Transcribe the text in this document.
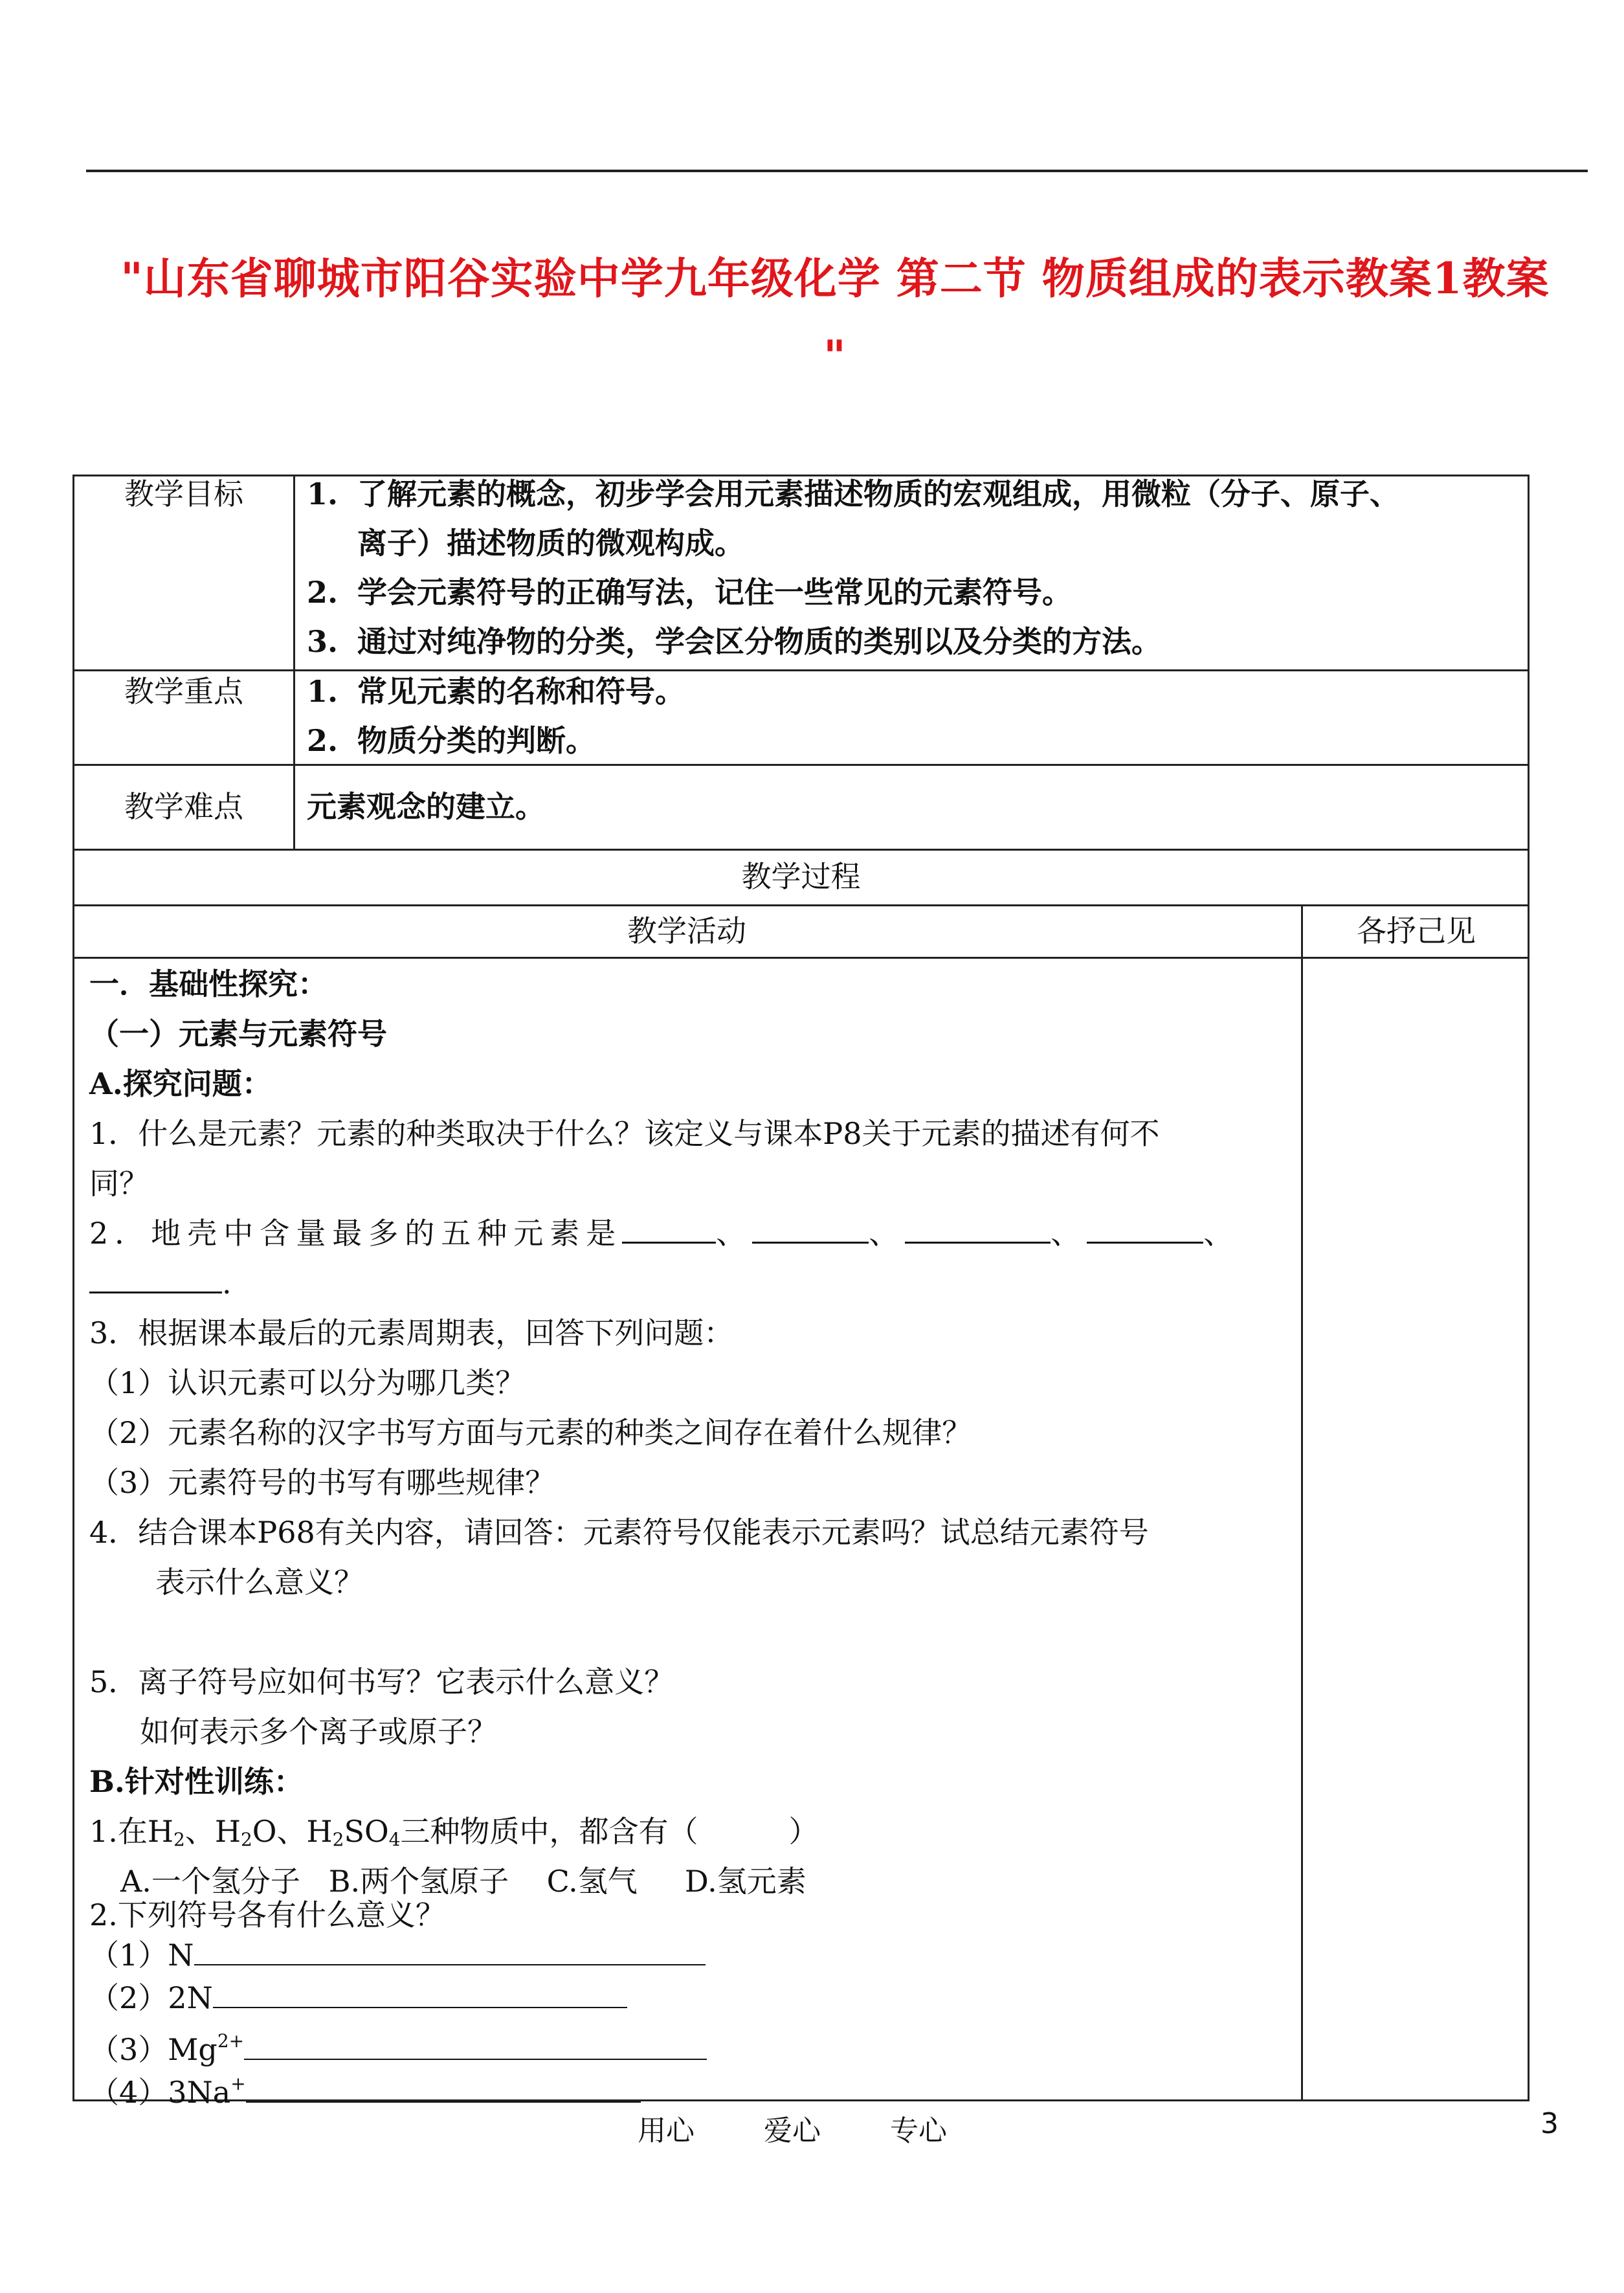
"山东省聊城市阳谷实验中学九年级化学 第二节 物质组成的表示教案1教案
"
教学目标	1. 了解元素的概念，初步学会用元素描述物质的宏观组成，用微粒（分子、原子、
离子）描述物质的微观构成。
2. 学会元素符号的正确写法，记住一些常见的元素符号。
3. 通过对纯净物的分类，学会区分物质的类别以及分类的方法。
教学重点	1. 常见元素的名称和符号。
2. 物质分类的判断。
教学难点	元素观念的建立。
教学过程
教学活动	各抒己见
一．基础性探究：
（一）元素与元素符号
A.探究问题：
1．什么是元素？元素的种类取决于什么？该定义与课本P8关于元素的描述有何不
同？
2．地壳中含量最多的五种元素是	、	、	、	、
.
3．根据课本最后的元素周期表，回答下列问题：
（1）认识元素可以分为哪几类？
（2）元素名称的汉字书写方面与元素的种类之间存在着什么规律？
（3）元素符号的书写有哪些规律？
4．结合课本P68有关内容，请回答：元素符号仅能表示元素吗？试总结元素符号
表示什么意义？
5．离子符号应如何书写？它表示什么意义？
如何表示多个离子或原子？
B.针对性训练：
1.在$H_2$、$H_2O$、$H_2SO_4$三种物质中，都含有（	）
A.一个氢分子   B.两个氢原子    C.氢气     D.氢元素
2.下列符号各有什么意义？
（1）N
（2）2N
$(3)Mg^{2+}$
用心 爱心 专心	3
（4）3Na+
